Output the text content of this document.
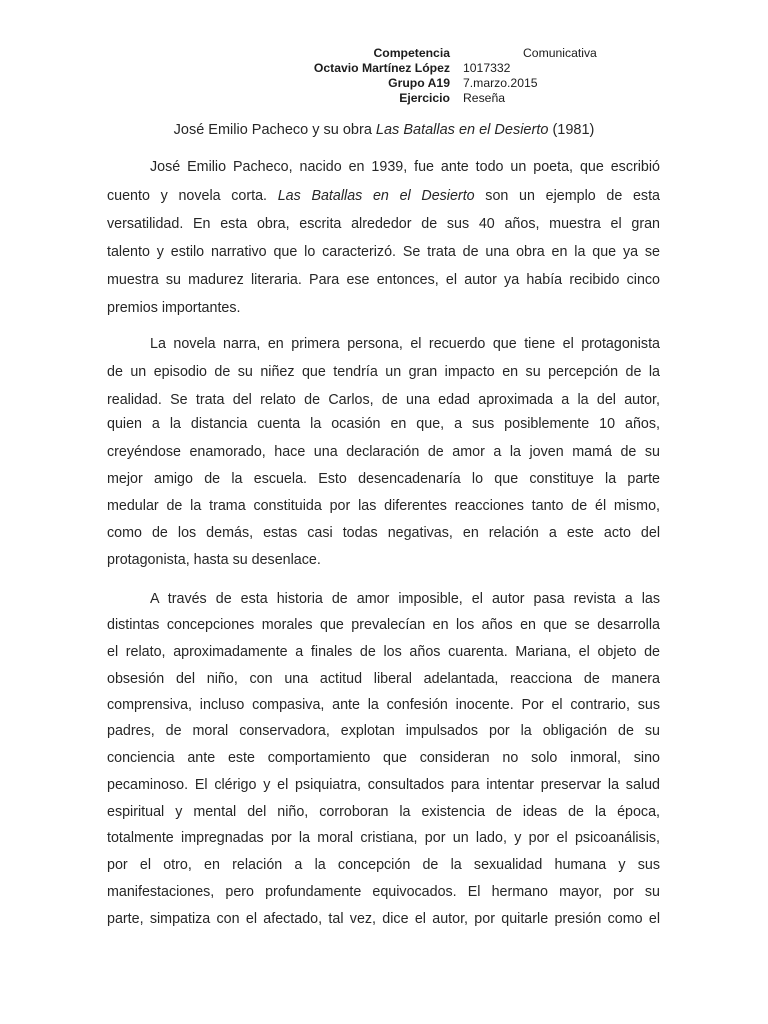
Competencia	Comunicativa
Octavio Martínez López 1017332
Grupo A19 7.marzo.2015
Ejercicio Reseña
José Emilio Pacheco y su obra Las Batallas en el Desierto (1981)
José Emilio Pacheco, nacido en 1939, fue ante todo un poeta, que escribió
cuento y novela corta. Las Batallas en el Desierto son un ejemplo de esta
versatilidad. En esta obra, escrita alrededor de sus 40 años, muestra el gran
talento y estilo narrativo que lo caracterizó. Se trata de una obra en la que ya se
muestra su madurez literaria. Para ese entonces, el autor ya había recibido cinco
premios importantes.
La novela narra, en primera persona, el recuerdo que tiene el protagonista
de un episodio de su niñez que tendría un gran impacto en su percepción de la
realidad. Se trata del relato de Carlos, de una edad aproximada a la del autor,
quien a la distancia cuenta la ocasión en que, a sus posiblemente 10 años,
creyéndose enamorado, hace una declaración de amor a la joven mamá de su
mejor amigo de la escuela. Esto desencadenaría lo que constituye la parte
medular de la trama constituida por las diferentes reacciones tanto de él mismo,
como de los demás, estas casi todas negativas, en relación a este acto del
protagonista, hasta su desenlace.
A través de esta historia de amor imposible, el autor pasa revista a las
distintas concepciones morales que prevalecían en los años en que se desarrolla
el relato, aproximadamente a finales de los años cuarenta. Mariana, el objeto de
obsesión del niño, con una actitud liberal adelantada, reacciona de manera
comprensiva, incluso compasiva, ante la confesión inocente. Por el contrario, sus
padres, de moral conservadora, explotan impulsados por la obligación de su
conciencia ante este comportamiento que consideran no solo inmoral, sino
pecaminoso. El clérigo y el psiquiatra, consultados para intentar preservar la salud
espiritual y mental del niño, corroboran la existencia de ideas de la época,
totalmente impregnadas por la moral cristiana, por un lado, y por el psicoanálisis,
por el otro, en relación a la concepción de la sexualidad humana y sus
manifestaciones, pero profundamente equivocados. El hermano mayor, por su
parte, simpatiza con el afectado, tal vez, dice el autor, por quitarle presión como el
